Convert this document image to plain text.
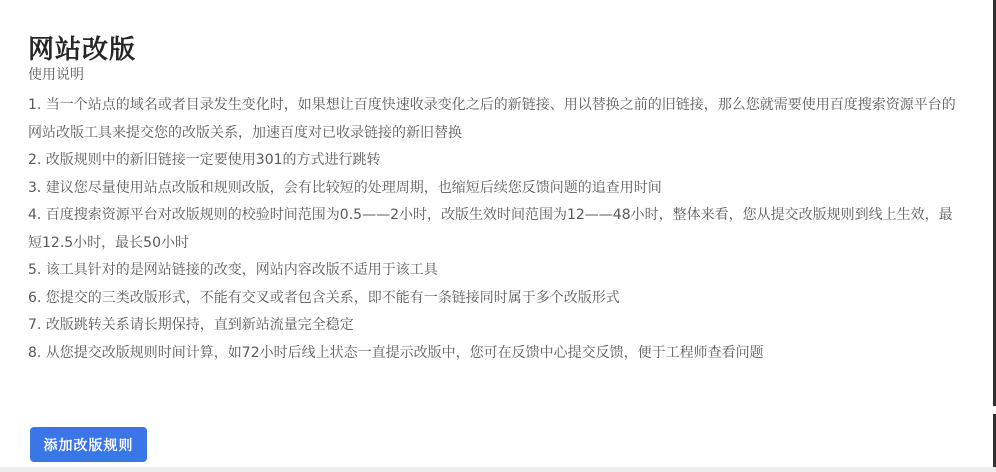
网站改版
使用说明

1. 当一个站点的域名或者目录发生变化时，如果想让百度快速收录变化之后的新链接、用以替换之前的旧链接，那么您就需要使用百度搜索资源平台的网站改版工具来提交您的改版关系，加速百度对已收录链接的新旧替换

2. 改版规则中的新旧链接一定要使用301的方式进行跳转

3. 建议您尽量使用站点改版和规则改版，会有比较短的处理周期，也缩短后续您反馈问题的追查用时间

4. 百度搜索资源平台对改版规则的校验时间范围为0.5——2小时，改版生效时间范围为12——48小时，整体来看，您从提交改版规则到线上生效，最短12.5小时，最长50小时

5. 该工具针对的是网站链接的改变，网站内容改版不适用于该工具

6. 您提交的三类改版形式，不能有交叉或者包含关系，即不能有一条链接同时属于多个改版形式

7. 改版跳转关系请长期保持，直到新站流量完全稳定

8. 从您提交改版规则时间计算，如72小时后线上状态一直提示改版中，您可在反馈中心提交反馈，便于工程师查看问题

添加改版规则
